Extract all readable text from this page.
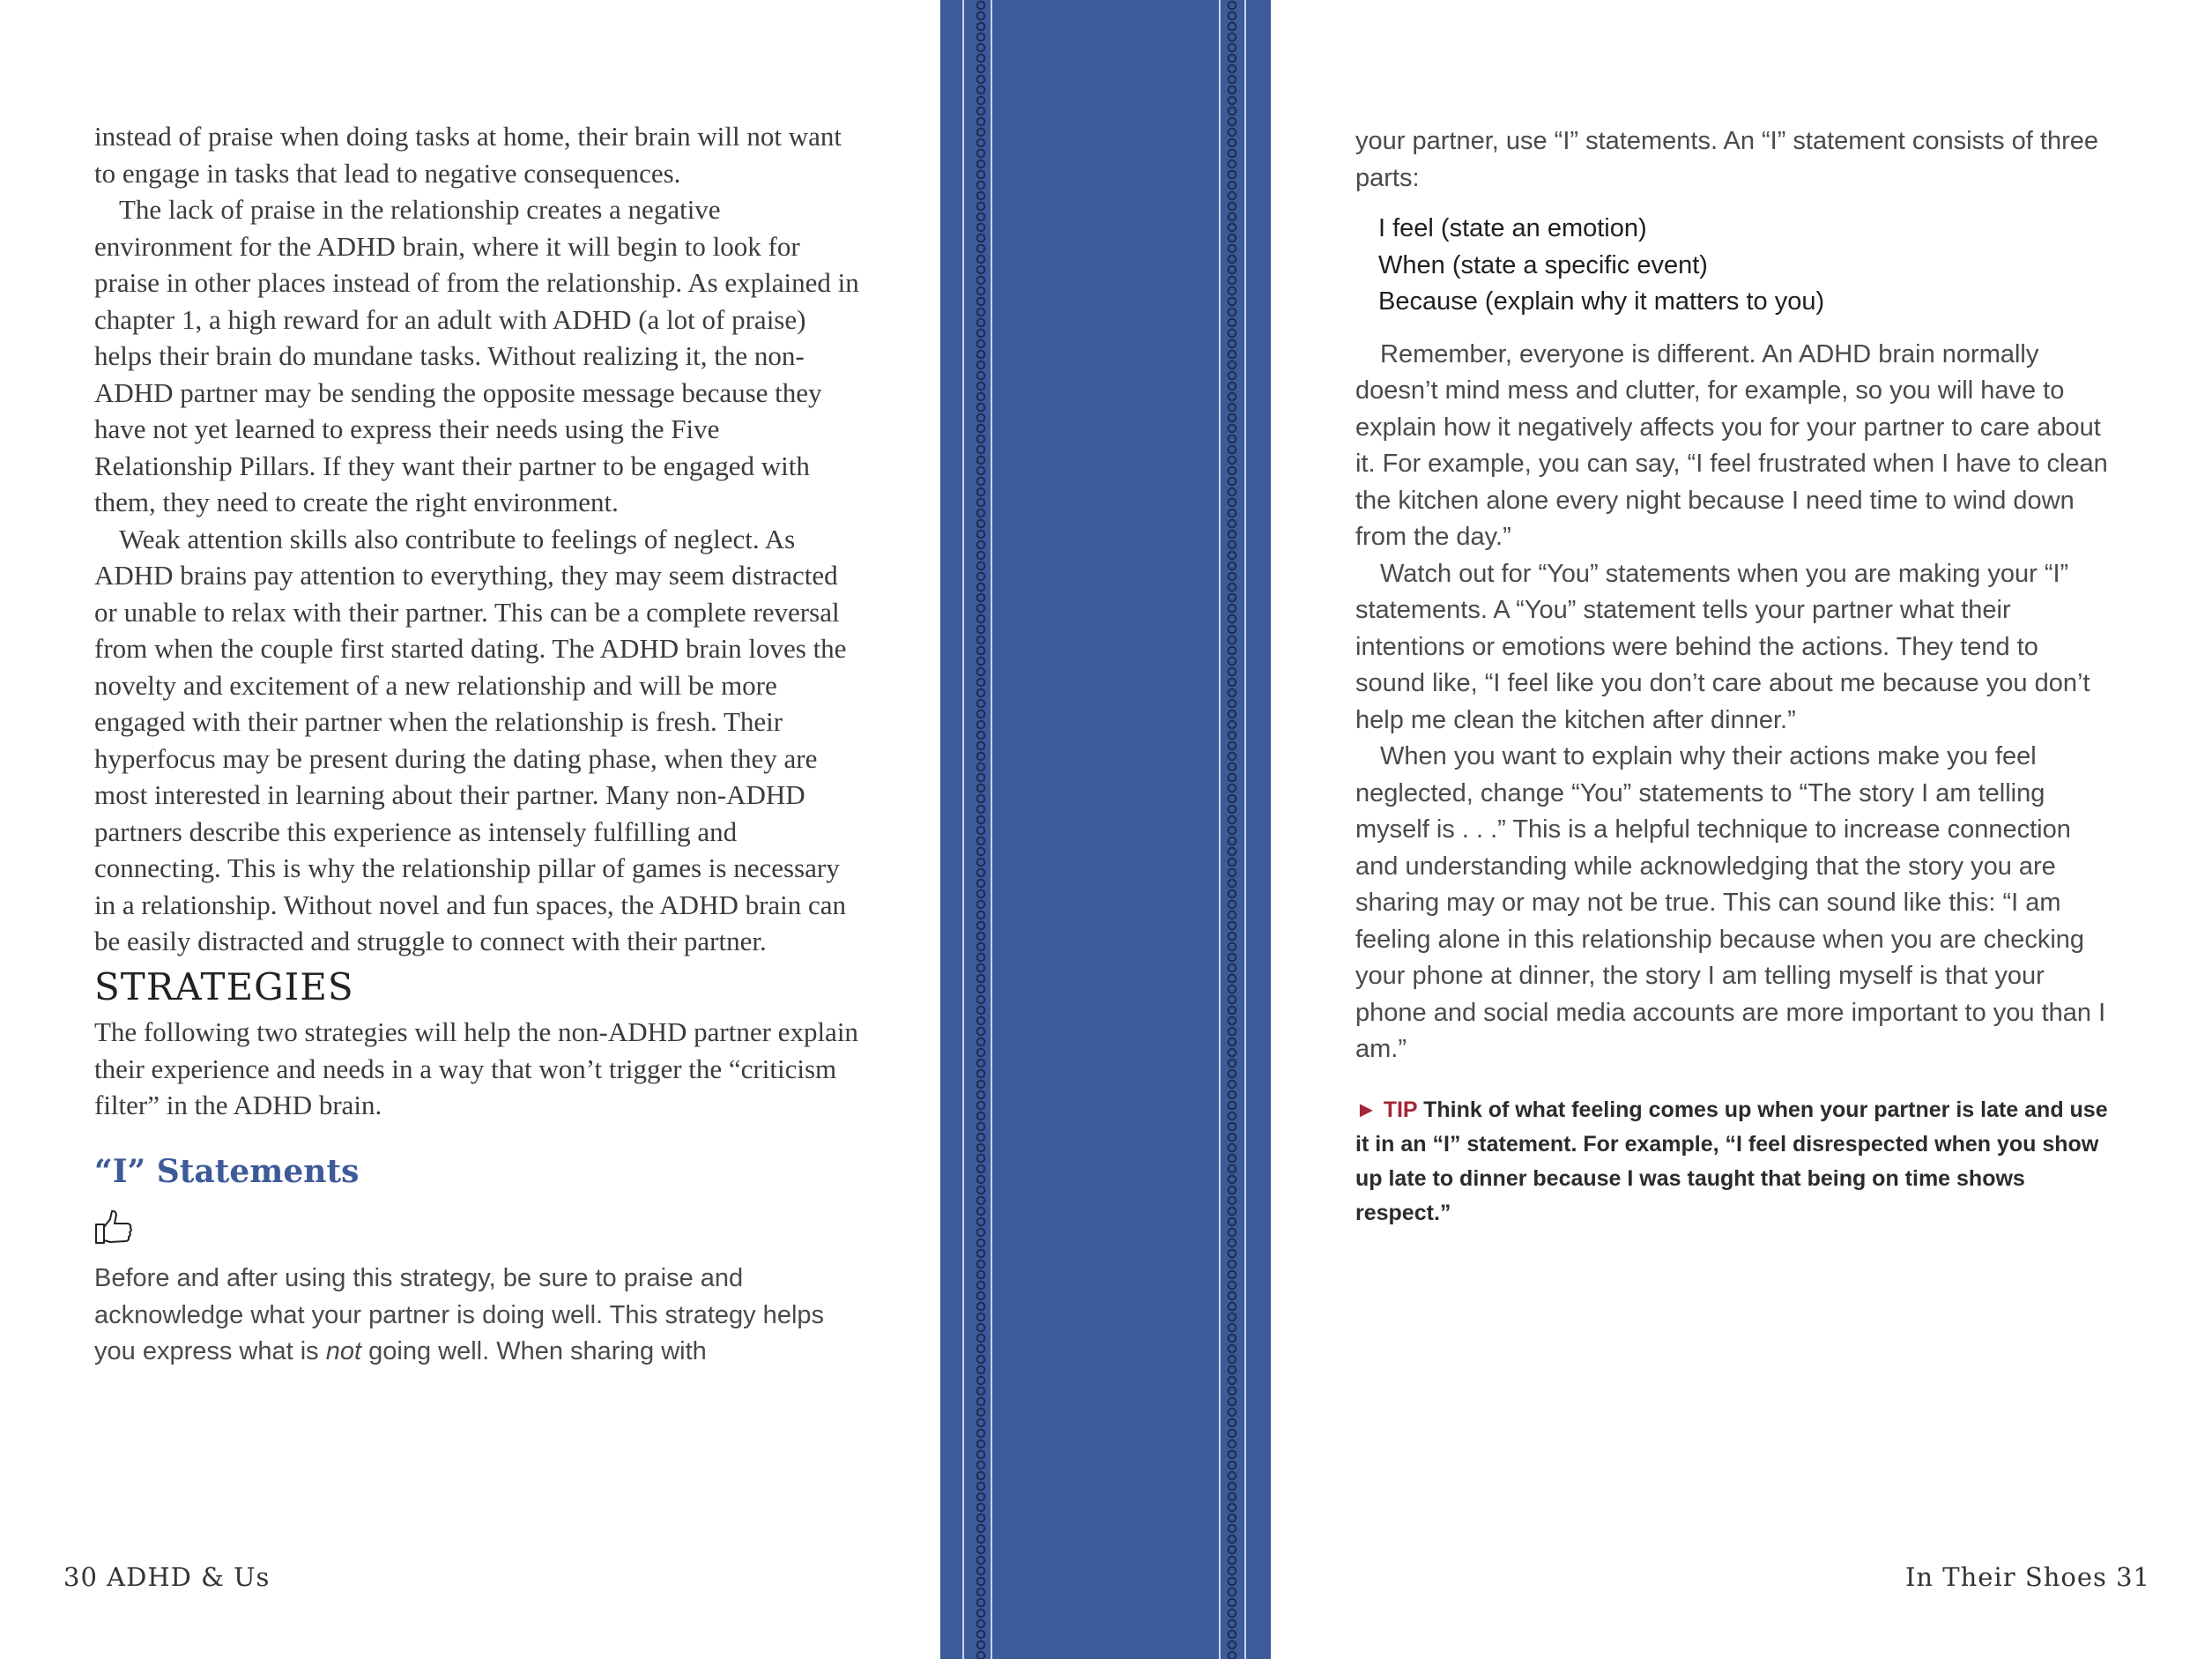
instead of praise when doing tasks at home, their brain will not want to engage in tasks that lead to negative consequences.

The lack of praise in the relationship creates a negative environment for the ADHD brain, where it will begin to look for praise in other places instead of from the relationship. As explained in chapter 1, a high reward for an adult with ADHD (a lot of praise) helps their brain do mundane tasks. Without realizing it, the non-ADHD partner may be sending the opposite message because they have not yet learned to express their needs using the Five Relationship Pillars. If they want their partner to be engaged with them, they need to create the right environment.

Weak attention skills also contribute to feelings of neglect. As ADHD brains pay attention to everything, they may seem distracted or unable to relax with their partner. This can be a complete reversal from when the couple first started dating. The ADHD brain loves the novelty and excitement of a new relationship and will be more engaged with their partner when the relationship is fresh. Their hyperfocus may be present during the dating phase, when they are most interested in learning about their partner. Many non-ADHD partners describe this experience as intensely fulfilling and connecting. This is why the relationship pillar of games is necessary in a relationship. Without novel and fun spaces, the ADHD brain can be easily distracted and struggle to connect with their partner.

STRATEGIES

The following two strategies will help the non-ADHD partner explain their experience and needs in a way that won’t trigger the “criticism filter” in the ADHD brain.

“I” Statements

Before and after using this strategy, be sure to praise and acknowledge what your partner is doing well. This strategy helps you express what is not going well. When sharing with

30 ADHD & Us

your partner, use “I” statements. An “I” statement consists of three parts:

I feel (state an emotion)
When (state a specific event)
Because (explain why it matters to you)

Remember, everyone is different. An ADHD brain normally doesn’t mind mess and clutter, for example, so you will have to explain how it negatively affects you for your partner to care about it. For example, you can say, “I feel frustrated when I have to clean the kitchen alone every night because I need time to wind down from the day.”

Watch out for “You” statements when you are making your “I” statements. A “You” statement tells your partner what their intentions or emotions were behind the actions. They tend to sound like, “I feel like you don’t care about me because you don’t help me clean the kitchen after dinner.”

When you want to explain why their actions make you feel neglected, change “You” statements to “The story I am telling myself is . . .” This is a helpful technique to increase connection and understanding while acknowledging that the story you are sharing may or may not be true. This can sound like this: “I am feeling alone in this relationship because when you are checking your phone at dinner, the story I am telling myself is that your phone and social media accounts are more important to you than I am.”

► TIP Think of what feeling comes up when your partner is late and use it in an “I” statement. For example, “I feel disrespected when you show up late to dinner because I was taught that being on time shows respect.”

In Their Shoes 31
